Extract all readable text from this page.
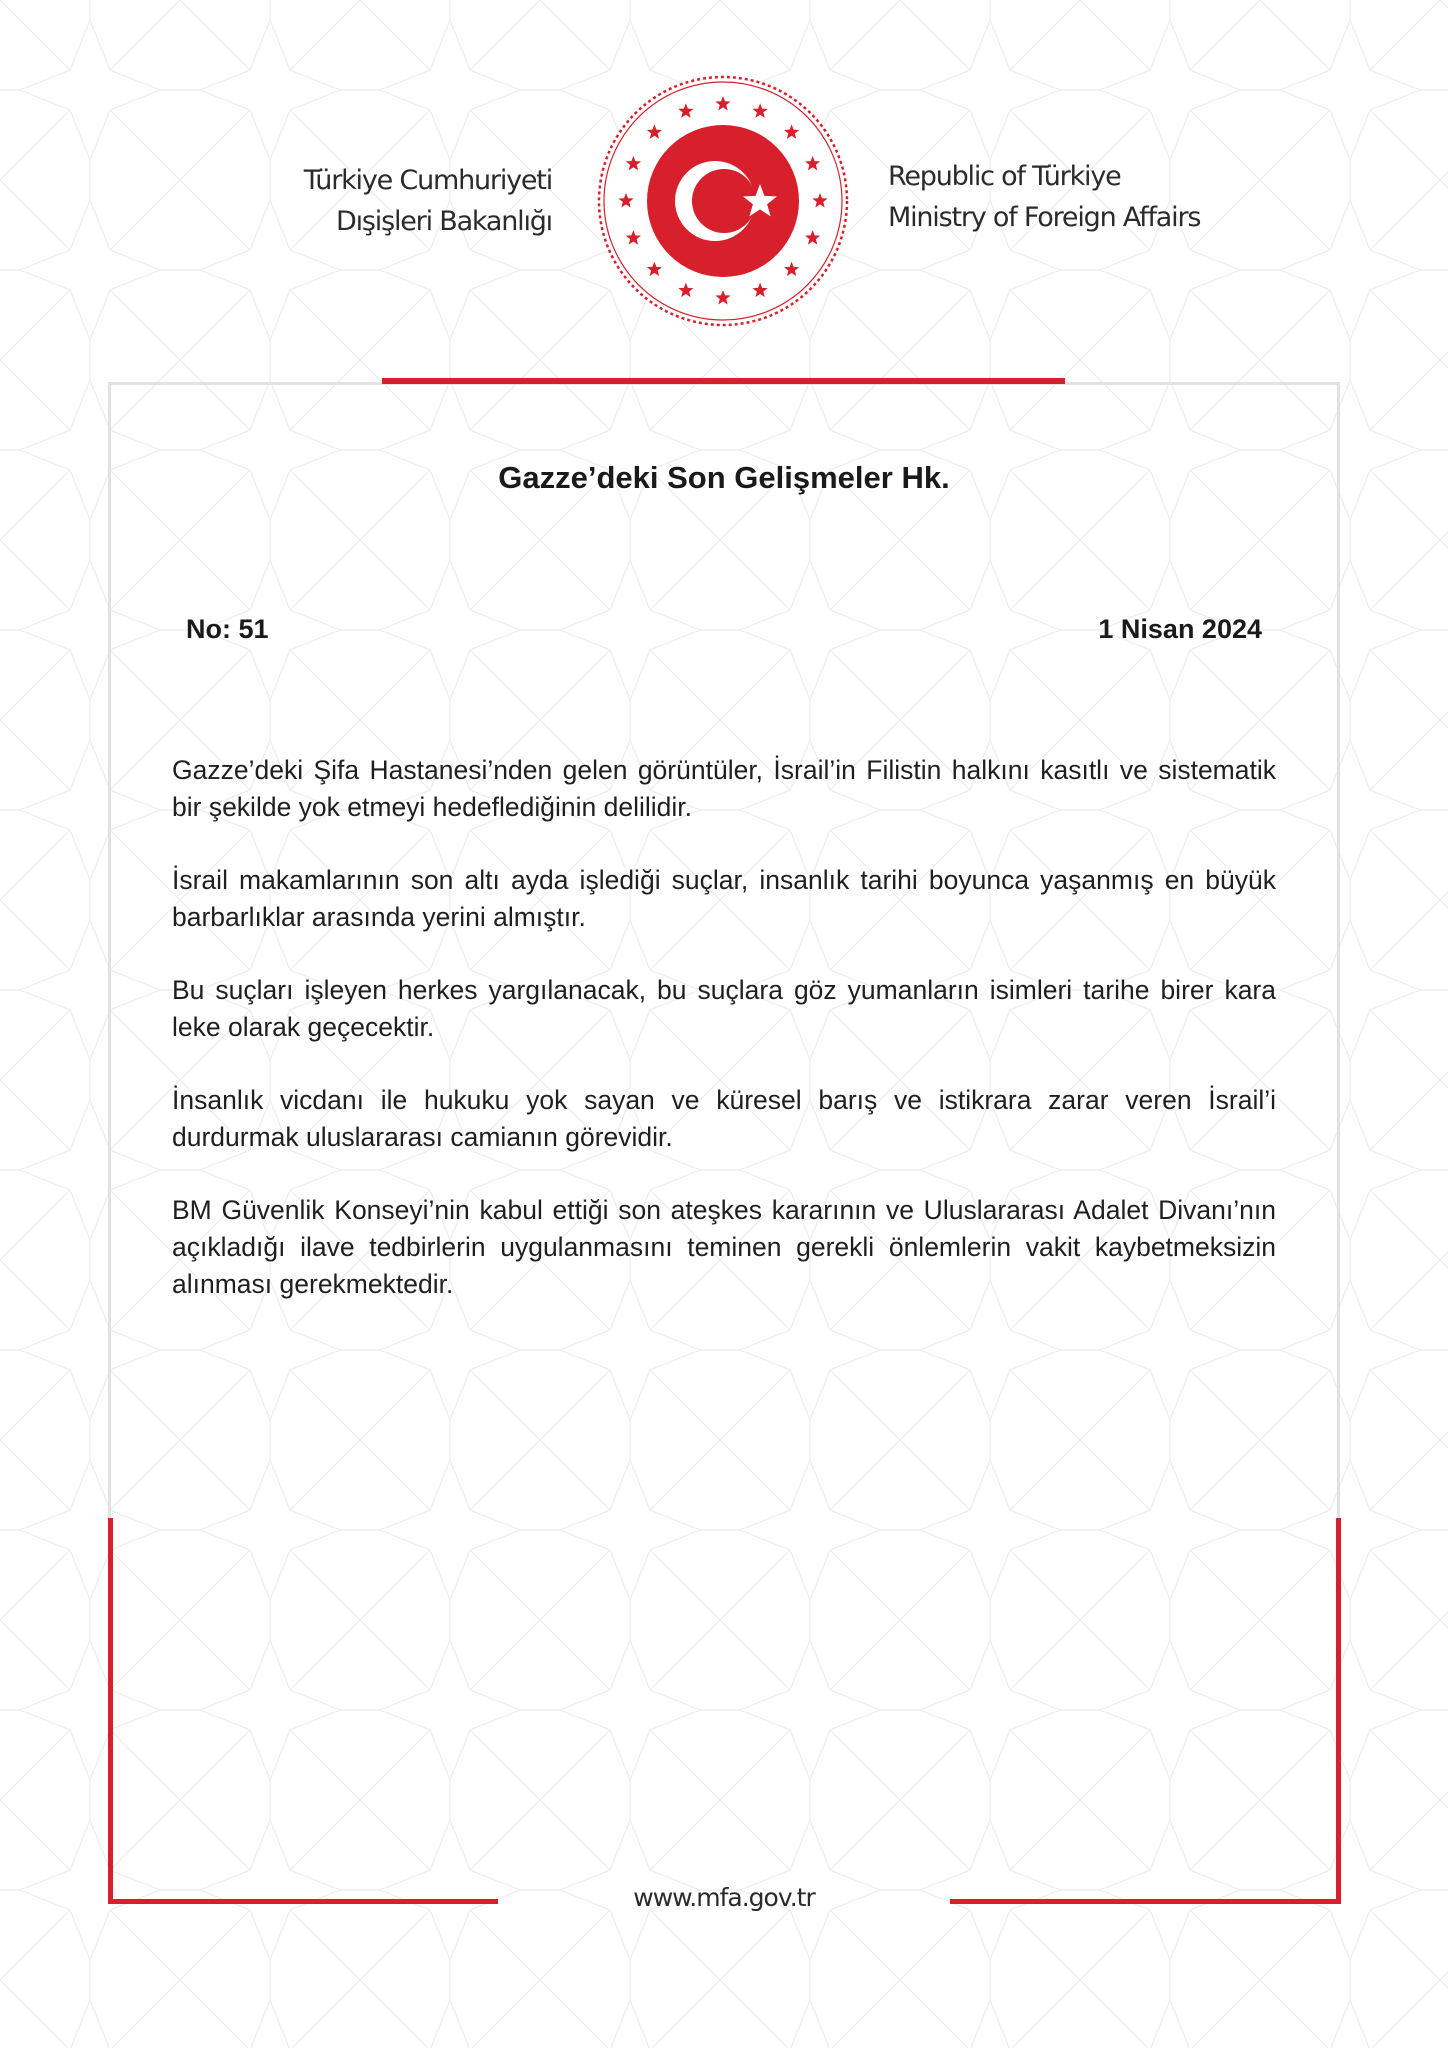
Türkiye Cumhuriyeti
Dışişleri Bakanlığı
Republic of Türkiye
Ministry of Foreign Affairs
Gazze’deki Son Gelişmeler Hk.
No: 51	1 Nisan 2024

Gazze’deki Şifa Hastanesi’nden gelen görüntüler, İsrail’in Filistin halkını kasıtlı ve sistematik bir şekilde yok etmeyi hedeflediğinin delilidir.

İsrail makamlarının son altı ayda işlediği suçlar, insanlık tarihi boyunca yaşanmış en büyük barbarlıklar arasında yerini almıştır.

Bu suçları işleyen herkes yargılanacak, bu suçlara göz yumanların isimleri tarihe birer kara leke olarak geçecektir.

İnsanlık vicdanı ile hukuku yok sayan ve küresel barış ve istikrara zarar veren İsrail’i durdurmak uluslararası camianın görevidir.

BM Güvenlik Konseyi’nin kabul ettiği son ateşkes kararının ve Uluslararası Adalet Divanı’nın açıkladığı ilave tedbirlerin uygulanmasını teminen gerekli önlemlerin vakit kaybetmeksizin alınması gerekmektedir.

www.mfa.gov.tr
